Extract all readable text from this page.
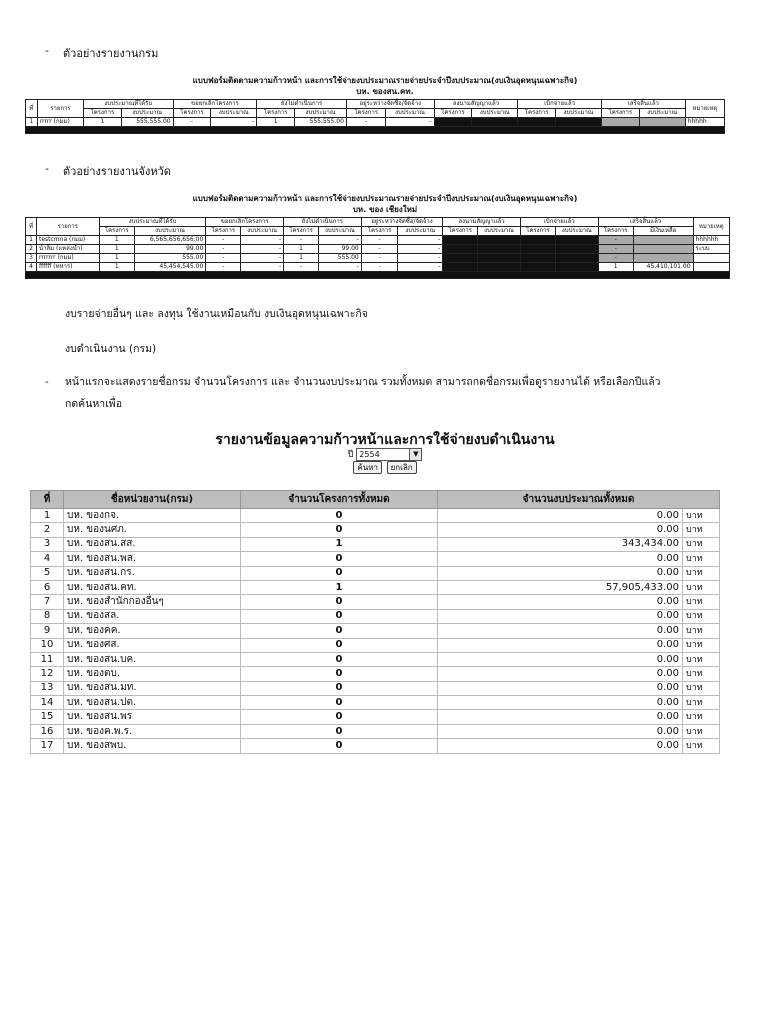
- ตัวอย่างรายงานกรม
แบบฟอร์มติดตามความก้าวหน้า และการใช้จ่ายงบประมาณรายจ่ายประจำปีงบประมาณ(งบเงินอุดหนุนเฉพาะกิจ)
บห. ของสน.คท.
ที่	รายการ	งบประมาณที่ได้รับ		ขอยกเลิกโครงการ		ยังไม่ดำเนินการ		อยู่ระหว่างจัดซื้อ/จัดจ้าง		ลงนามสัญญาแล้ว		เบิกจ่ายแล้ว		เสร็จสิ้นแล้ว		หมายเหตุ
		โครงการ	งบประมาณ	โครงการ	งบประมาณ	โครงการ	งบประมาณ	โครงการ	งบประมาณ	โครงการ	งบประมาณ	โครงการ	งบประมาณ	โครงการ	งบประมาณ	
1	rrrrr (กมม)	1	555,555.00	-	-	1	555,555.00	-	-							hhhhh

- ตัวอย่างรายงานจังหวัด
แบบฟอร์มติดตามความก้าวหน้า และการใช้จ่ายงบประมาณรายจ่ายประจำปีงบประมาณ(งบเงินอุดหนุนเฉพาะกิจ)
บห. ของ เชียงใหม่
ที่	รายการ	งบประมาณที่ได้รับ		ขอยกเลิกโครงการ		ยังไม่ดำเนินการ		อยู่ระหว่างจัดซื้อ/จัดจ้าง		ลงนามสัญญาแล้ว		เบิกจ่ายแล้ว		เสร็จสิ้นแล้ว		หมายเหตุ
		โครงการ	งบประมาณ	โครงการ	งบประมาณ	โครงการ	งบประมาณ	โครงการ	งบประมาณ	โครงการ	งบประมาณ	โครงการ	งบประมาณ	โครงการ	มีเงินเหลือ	
1	testcmna (กมม)	1	6,565,656,656.00	-	-	-	-	-	-					-		hhhhhh
2	น้ำลิ่ม (แหล่งน้ำ)	1	99.00	-	-	1	99.00	-	-					-		ระบบ
3	rrrrrrr (กมม)	1	555.00	-	-	1	555.00	-	-					-		
4	ffffff (ทหาร)	1	45,454,545.00	-	-	-	-	-	-					1	45,410,101.00	

งบรายจ่ายอื่นๆ และ ลงทุน ใช้งานเหมือนกับ งบเงินอุดหนุนเฉพาะกิจ
งบดำเนินงาน (กรม)
- หน้าแรกจะแสดงรายชื่อกรม จำนวนโครงการ และ จำนวนงบประมาณ รวมทั้งหมด สามารถกดชื่อกรมเพื่อดูรายงานได้ หรือเลือกปีแล้ว
กดค้นหาเพื่อ
รายงานข้อมูลความก้าวหน้าและการใช้จ่ายงบดำเนินงาน
ปี 2554	▼
ค้นหา ยกเลิก
ที่	ชื่อหน่วยงาน(กรม)	จำนวนโครงการทั้งหมด	จำนวนงบประมาณทั้งหมด	
1	บห. ของกจ.	0	0.00	บาท
2	บห. ของนศภ.	0	0.00	บาท
3	บห. ของสน.สส.	1	343,434.00	บาท
4	บห. ของสน.พส.	0	0.00	บาท
5	บห. ของสน.กร.	0	0.00	บาท
6	บห. ของสน.คท.	1	57,905,433.00	บาท
7	บห. ของสำนักกองอื่นๆ	0	0.00	บาท
8	บห. ของสล.	0	0.00	บาท
9	บห. ของคค.	0	0.00	บาท
10	บห. ของศส.	0	0.00	บาท
11	บห. ของสน.บค.	0	0.00	บาท
12	บห. ของตบ.	0	0.00	บาท
13	บห. ของสน.มท.	0	0.00	บาท
14	บห. ของสน.ปต.	0	0.00	บาท
15	บห. ของสน.พร	0	0.00	บาท
16	บห. ของค.พ.ร.	0	0.00	บาท
17	บห. ของสพบ.	0	0.00	บาท
